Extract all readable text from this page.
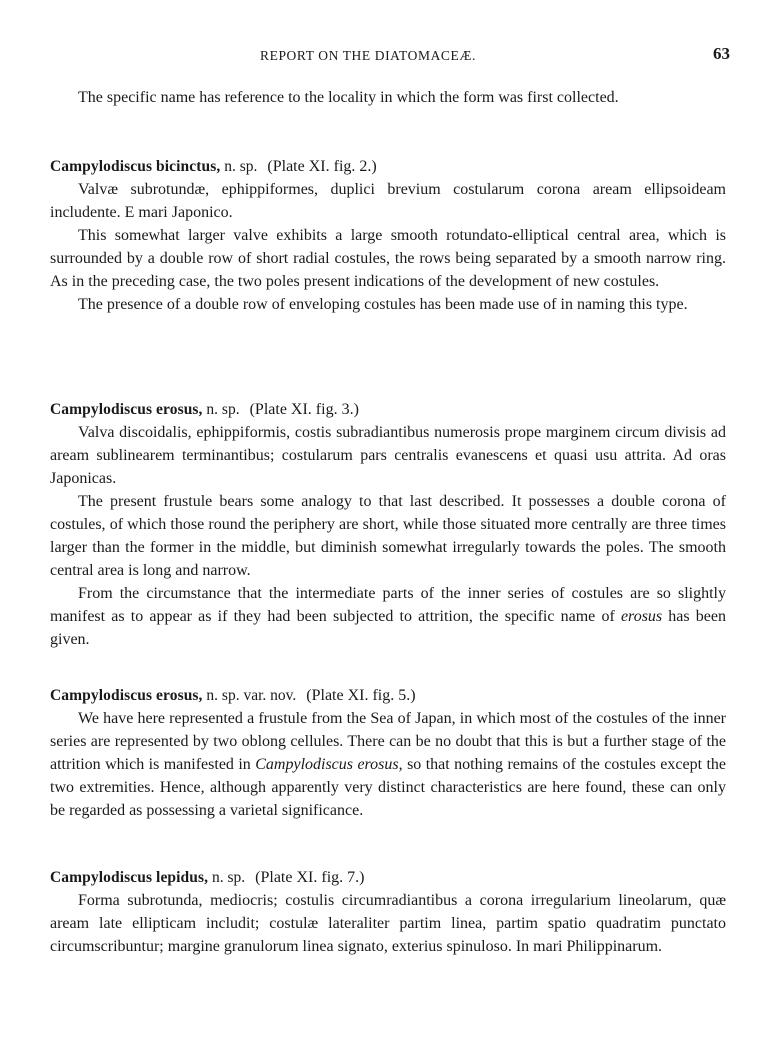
REPORT ON THE DIATOMACEÆ.	63

The specific name has reference to the locality in which the form was first collected.

Campylodiscus bicinctus, n. sp. (Plate XI. fig. 2.)

Valvæ subrotundæ, ephippiformes, duplici brevium costularum corona aream ellipsoideam includente. E mari Japonico.

This somewhat larger valve exhibits a large smooth rotundato-elliptical central area, which is surrounded by a double row of short radial costules, the rows being separated by a smooth narrow ring. As in the preceding case, the two poles present indications of the development of new costules.

The presence of a double row of enveloping costules has been made use of in naming this type.

Campylodiscus erosus, n. sp. (Plate XI. fig. 3.)

Valva discoidalis, ephippiformis, costis subradiantibus numerosis prope marginem circum divisis ad aream sublinearem terminantibus; costularum pars centralis evanescens et quasi usu attrita. Ad oras Japonicas.

The present frustule bears some analogy to that last described. It possesses a double corona of costules, of which those round the periphery are short, while those situated more centrally are three times larger than the former in the middle, but diminish somewhat irregularly towards the poles. The smooth central area is long and narrow.

From the circumstance that the intermediate parts of the inner series of costules are so slightly manifest as to appear as if they had been subjected to attrition, the specific name of erosus has been given.

Campylodiscus erosus, n. sp. var. nov. (Plate XI. fig. 5.)

We have here represented a frustule from the Sea of Japan, in which most of the costules of the inner series are represented by two oblong cellules. There can be no doubt that this is but a further stage of the attrition which is manifested in Campylodiscus erosus, so that nothing remains of the costules except the two extremities. Hence, although apparently very distinct characteristics are here found, these can only be regarded as possessing a varietal significance.

Campylodiscus lepidus, n. sp. (Plate XI. fig. 7.)

Forma subrotunda, mediocris; costulis circumradiantibus a corona irregularium lineolarum, quæ aream late ellipticam includit; costulæ lateraliter partim linea, partim spatio quadratim punctato circumscribuntur; margine granulorum linea signato, exterius spinuloso. In mari Philippinarum.
